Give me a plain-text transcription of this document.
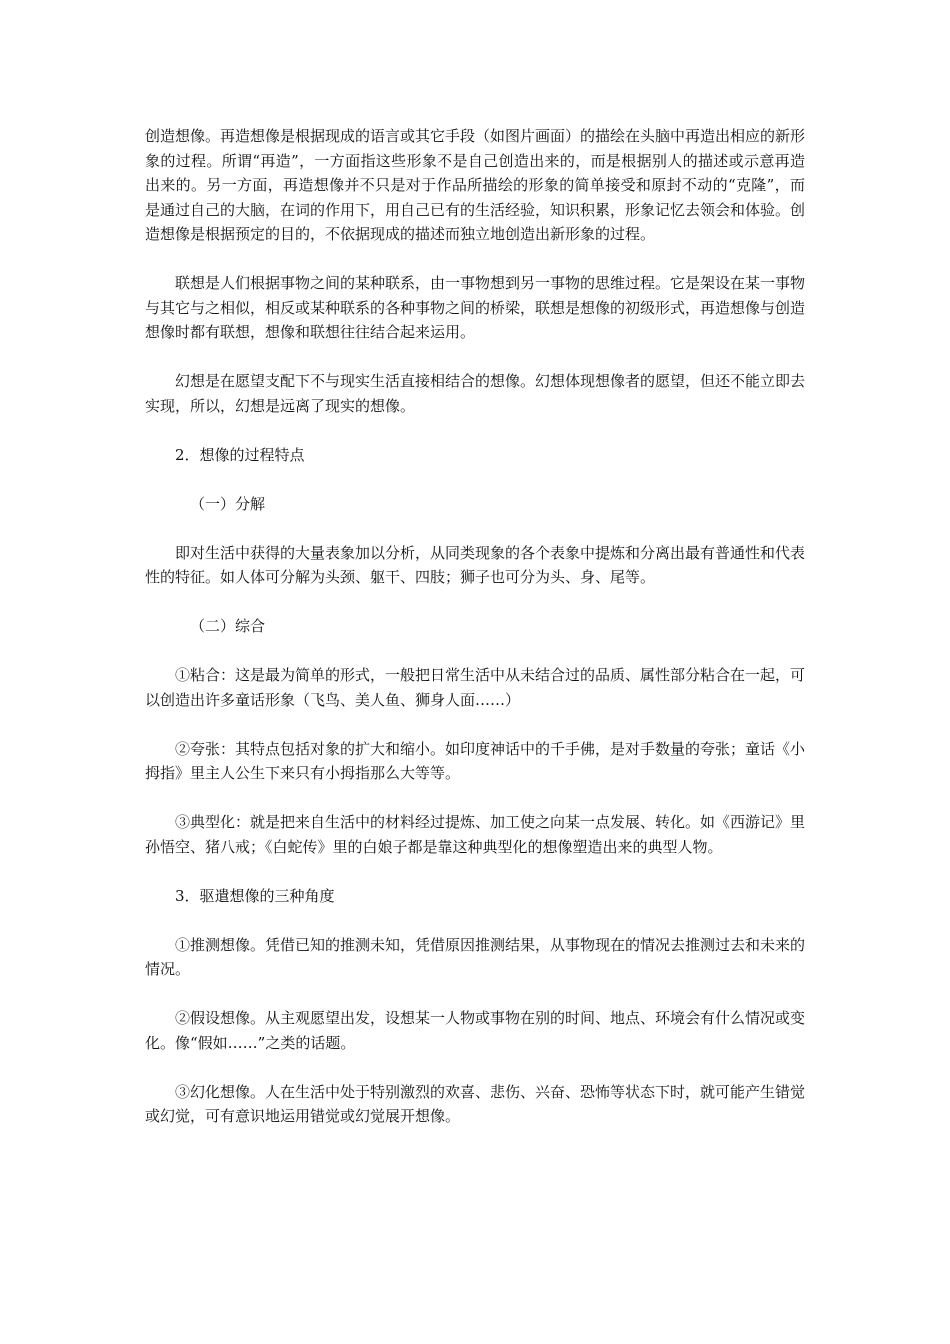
创造想像。再造想像是根据现成的语言或其它手段（如图片画面）的描绘在头脑中再造出相应的新形象的过程。所谓“再造”，一方面指这些形象不是自己创造出来的，而是根据别人的描述或示意再造出来的。另一方面，再造想像并不只是对于作品所描绘的形象的简单接受和原封不动的“克隆”，而是通过自己的大脑，在词的作用下，用自己已有的生活经验，知识积累，形象记忆去领会和体验。创造想像是根据预定的目的，不依据现成的描述而独立地创造出新形象的过程。

联想是人们根据事物之间的某种联系，由一事物想到另一事物的思维过程。它是架设在某一事物与其它与之相似，相反或某种联系的各种事物之间的桥梁，联想是想像的初级形式，再造想像与创造想像时都有联想，想像和联想往往结合起来运用。

幻想是在愿望支配下不与现实生活直接相结合的想像。幻想体现想像者的愿望，但还不能立即去实现，所以，幻想是远离了现实的想像。

2．想像的过程特点

（一）分解

即对生活中获得的大量表象加以分析，从同类现象的各个表象中提炼和分离出最有普通性和代表性的特征。如人体可分解为头颈、躯干、四肢；狮子也可分为头、身、尾等。

（二）综合

①粘合：这是最为简单的形式，一般把日常生活中从未结合过的品质、属性部分粘合在一起，可以创造出许多童话形象（飞鸟、美人鱼、狮身人面……）

②夸张：其特点包括对象的扩大和缩小。如印度神话中的千手佛，是对手数量的夸张；童话《小拇指》里主人公生下来只有小拇指那么大等等。

③典型化：就是把来自生活中的材料经过提炼、加工使之向某一点发展、转化。如《西游记》里孙悟空、猪八戒；《白蛇传》里的白娘子都是靠这种典型化的想像塑造出来的典型人物。

3．驱遣想像的三种角度

①推测想像。凭借已知的推测未知，凭借原因推测结果，从事物现在的情况去推测过去和未来的情况。

②假设想像。从主观愿望出发，设想某一人物或事物在别的时间、地点、环境会有什么情况或变化。像“假如……”之类的话题。

③幻化想像。人在生活中处于特别激烈的欢喜、悲伤、兴奋、恐怖等状态下时，就可能产生错觉或幻觉，可有意识地运用错觉或幻觉展开想像。
